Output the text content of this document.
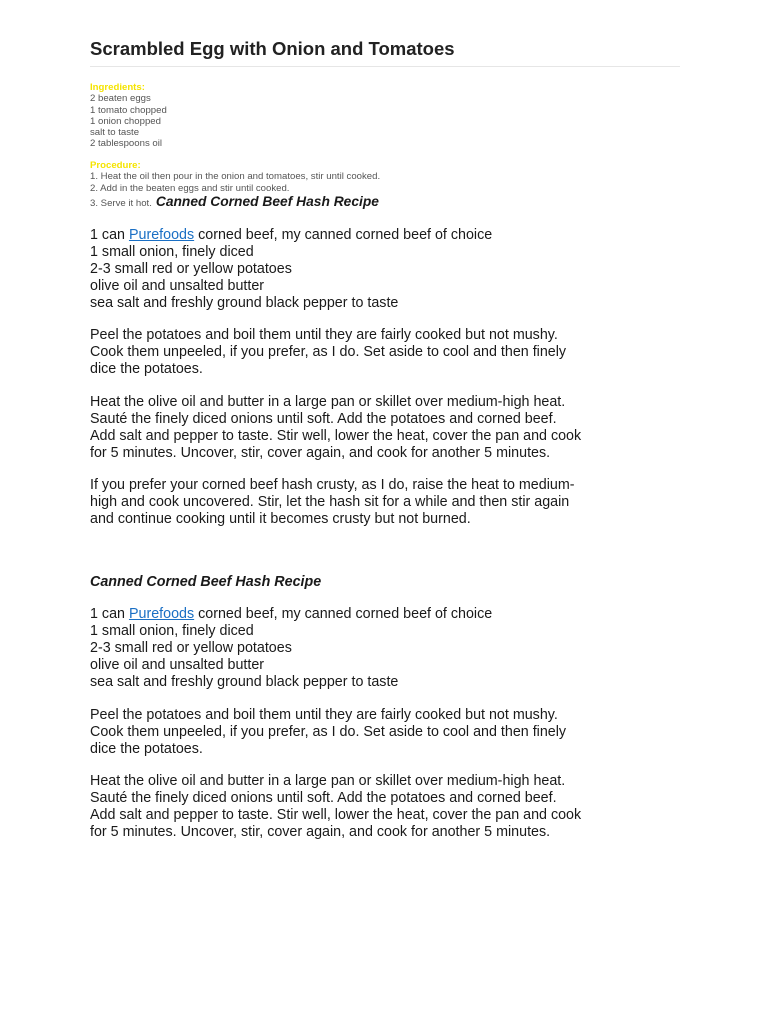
Scrambled Egg with Onion and Tomatoes
Ingredients:
2 beaten eggs
1 tomato chopped
1 onion chopped
salt to taste
2 tablespoons oil
Procedure:
1. Heat the oil then pour in the onion and tomatoes, stir until cooked.
2. Add in the beaten eggs and stir until cooked.
3. Serve it hot. Canned Corned Beef Hash Recipe
1 can Purefoods corned beef, my canned corned beef of choice
1 small onion, finely diced
2-3 small red or yellow potatoes
olive oil and unsalted butter
sea salt and freshly ground black pepper to taste
Peel the potatoes and boil them until they are fairly cooked but not mushy.
Cook them unpeeled, if you prefer, as I do. Set aside to cool and then finely
dice the potatoes.
Heat the olive oil and butter in a large pan or skillet over medium-high heat.
Sauté the finely diced onions until soft. Add the potatoes and corned beef.
Add salt and pepper to taste. Stir well, lower the heat, cover the pan and cook
for 5 minutes. Uncover, stir, cover again, and cook for another 5 minutes.
If you prefer your corned beef hash crusty, as I do, raise the heat to medium-
high and cook uncovered. Stir, let the hash sit for a while and then stir again
and continue cooking until it becomes crusty but not burned.
Canned Corned Beef Hash Recipe
1 can Purefoods corned beef, my canned corned beef of choice
1 small onion, finely diced
2-3 small red or yellow potatoes
olive oil and unsalted butter
sea salt and freshly ground black pepper to taste
Peel the potatoes and boil them until they are fairly cooked but not mushy.
Cook them unpeeled, if you prefer, as I do. Set aside to cool and then finely
dice the potatoes.
Heat the olive oil and butter in a large pan or skillet over medium-high heat.
Sauté the finely diced onions until soft. Add the potatoes and corned beef.
Add salt and pepper to taste. Stir well, lower the heat, cover the pan and cook
for 5 minutes. Uncover, stir, cover again, and cook for another 5 minutes.
